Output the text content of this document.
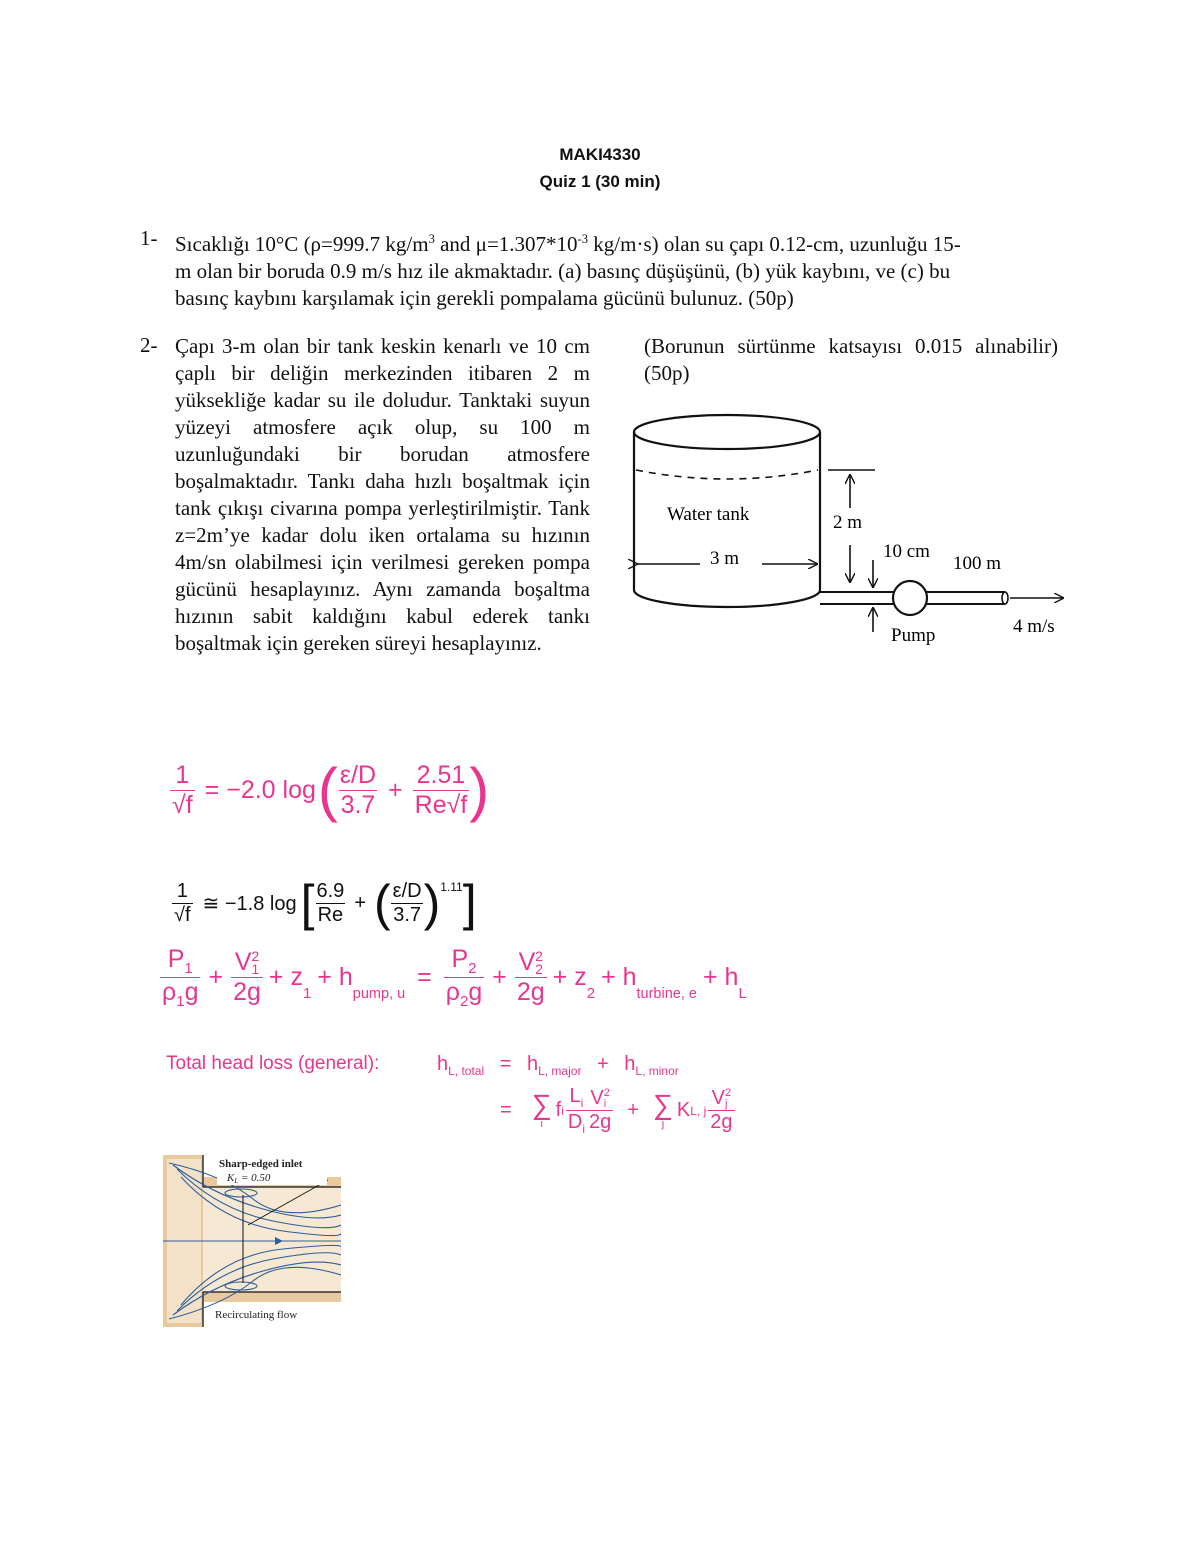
MAKI4330
Quiz 1 (30 min)
1- Sıcaklığı 10°C (ρ=999.7 $kg/m^3$ and $\mu=1.307*10^{-3}$ kg/m·s) olan su çapı 0.12-cm, uzunluğu 15-
m olan bir boruda 0.9 m/s hız ile akmaktadır. (a) basınç düşüşünü, (b) yük kaybını, ve (c) bu
basınç kaybını karşılamak için gerekli pompalama gücünü bulunuz. (50p)
2- Çapı 3-m olan bir tank keskin kenarlı ve 10 cm çaplı bir deliğin merkezinden itibaren 2 m yüksekliğe kadar su ile doludur. Tanktaki suyun yüzeyi atmosfere açık olup, su 100 m uzunluğundaki bir borudan atmosfere boşalmaktadır. Tankı daha hızlı boşaltmak için tank çıkışı civarına pompa yerleştirilmiştir. Tank z=2m’ye kadar dolu iken ortalama su hızının 4m/sn olabilmesi için verilmesi gereken pompa gücünü hesaplayınız. Aynı zamanda boşaltma hızının sabit kaldığını kabul ederek tankı boşaltmak için gereken süreyi hesaplayınız.
(Borunun sürtünme katsayısı 0.015 alınabilir) (50p)
Water tank
3 m
2 m
10 cm
100 m
Pump	4 m/s
$\frac{1}{√f} = -2.0$ log ( $\frac{\varepsilon/D}{3.7} + \frac{2.51}{Re√f}$ )
$\frac{1}{√f}$ ≅ −1.8 log [ $\frac{6.9}{Re}$ + ( $\frac{\varepsilon/D}{3.7}$ ) 1.11 ]
$\frac{P_1}{\rho_1g} + V$ 2
1
2g + z
$_1$
+ h
$_{pump, u}$
= $\frac{P_2}{\rho_2g} + V$ 2
2
2g + z
$_2$
+ h
$_{turbine, e}$
+ h
$_L$
Total head loss (general):	$h_{L, total} = h_{L, major} + h_{L, minor}$
= ∑
i
f i $\frac{L_i}{D_i}$ V 2
i
2g + ∑
j
K L, j V 2
j
2g
Sharp-edged inlet
KL = 0.50
Recirculating flow
